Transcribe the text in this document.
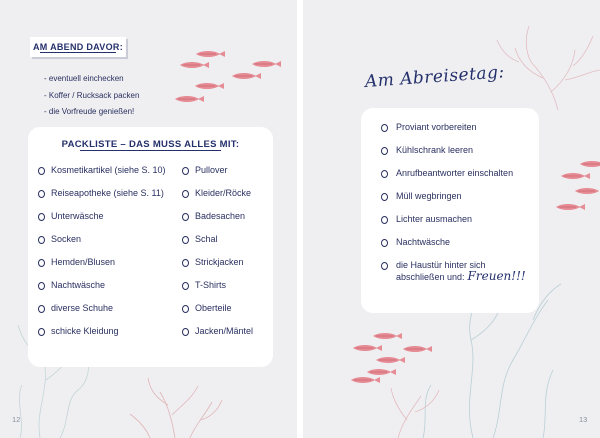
AM ABEND DAVOR:
- eventuell einchecken
- Koffer / Rucksack packen
- die Vorfreude genießen!
PACKLISTE – DAS MUSS ALLES MIT:
Kosmetikartikel (siehe S. 10)
Reiseapotheke (siehe S. 11)
Unterwäsche
Socken
Hemden/Blusen
Nachtwäsche
diverse Schuhe
schicke Kleidung
Pullover
Kleider/Röcke
Badesachen
Schal
Strickjacken
T-Shirts
Oberteile
Jacken/Mäntel
12
Am Abreisetag:
Proviant vorbereiten
Kühlschrank leeren
Anrufbeantworter einschalten
Müll wegbringen
Lichter ausmachen
Nachtwäsche
die Haustür hinter sich
abschließen und: Freuen!!!
13
